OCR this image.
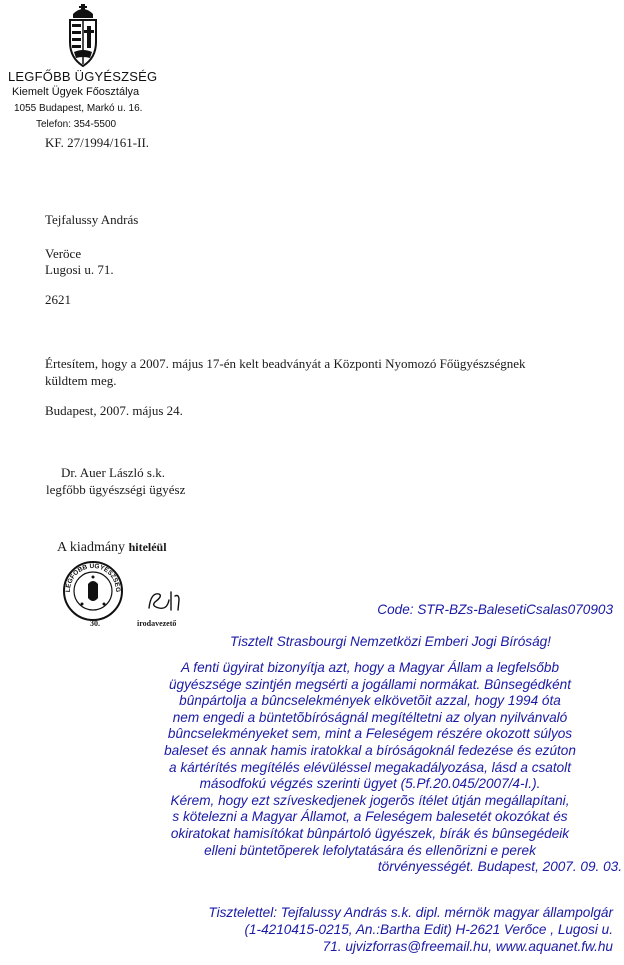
LEGFŐBB ÜGYÉSZSÉG
Kiemelt Ügyek Főosztálya
1055 Budapest, Markó u. 16.
Telefon: 354-5500
KF. 27/1994/161-II.
Tejfalussy András
Veröce
Lugosi u. 71.
2621
Értesítem, hogy a 2007. május 17-én kelt beadványát a Központi Nyomozó Főügyészségnek
küldtem meg.
Budapest, 2007. május 24.
Dr. Auer László s.k.
legfőbb ügyészségi ügyész
A kiadmány hiteléül
LEGFŐBB ÜGYÉSZSÉG
30.	irodavezető
Code: STR-BZs-BalesetiCsalas070903
Tisztelt Strasbourgi Nemzetközi Emberi Jogi Bíróság!
A fenti ügyirat bizonyítja azt, hogy a Magyar Állam a legfelsőbb
ügyészsége szintjén megsérti a jogállami normákat. Bûnsegédként
bûnpártolja a bûncselekmények elkövetõit azzal, hogy 1994 óta
nem engedi a büntetõbíróságnál megítéltetni az olyan nyilvánvaló
bûncselekményeket sem, mint a Feleségem részére okozott súlyos
baleset és annak hamis iratokkal a bíróságoknál fedezése és ezúton
a kártérítés megítélés elévüléssel megakadályozása, lásd a csatolt
másodfokú végzés szerinti ügyet (5.Pf.20.045/2007/4-I.).
Kérem, hogy ezt szíveskedjenek jogerõs ítélet útján megállapítani,
s kötelezni a Magyar Államot, a Feleségem balesetét okozókat és
okiratokat hamisítókat bûnpártoló ügyészek, bírák és bûnsegédeik
elleni büntetõperek lefolytatására és ellenõrizni e perek
törvényességét. Budapest, 2007. 09. 03.
Tisztelettel: Tejfalussy András s.k. dipl. mérnök magyar állampolgár
(1-4210415-0215, An.:Bartha Edit) H-2621 Verőce , Lugosi u.
71. ujvizforras@freemail.hu, www.aquanet.fw.hu
